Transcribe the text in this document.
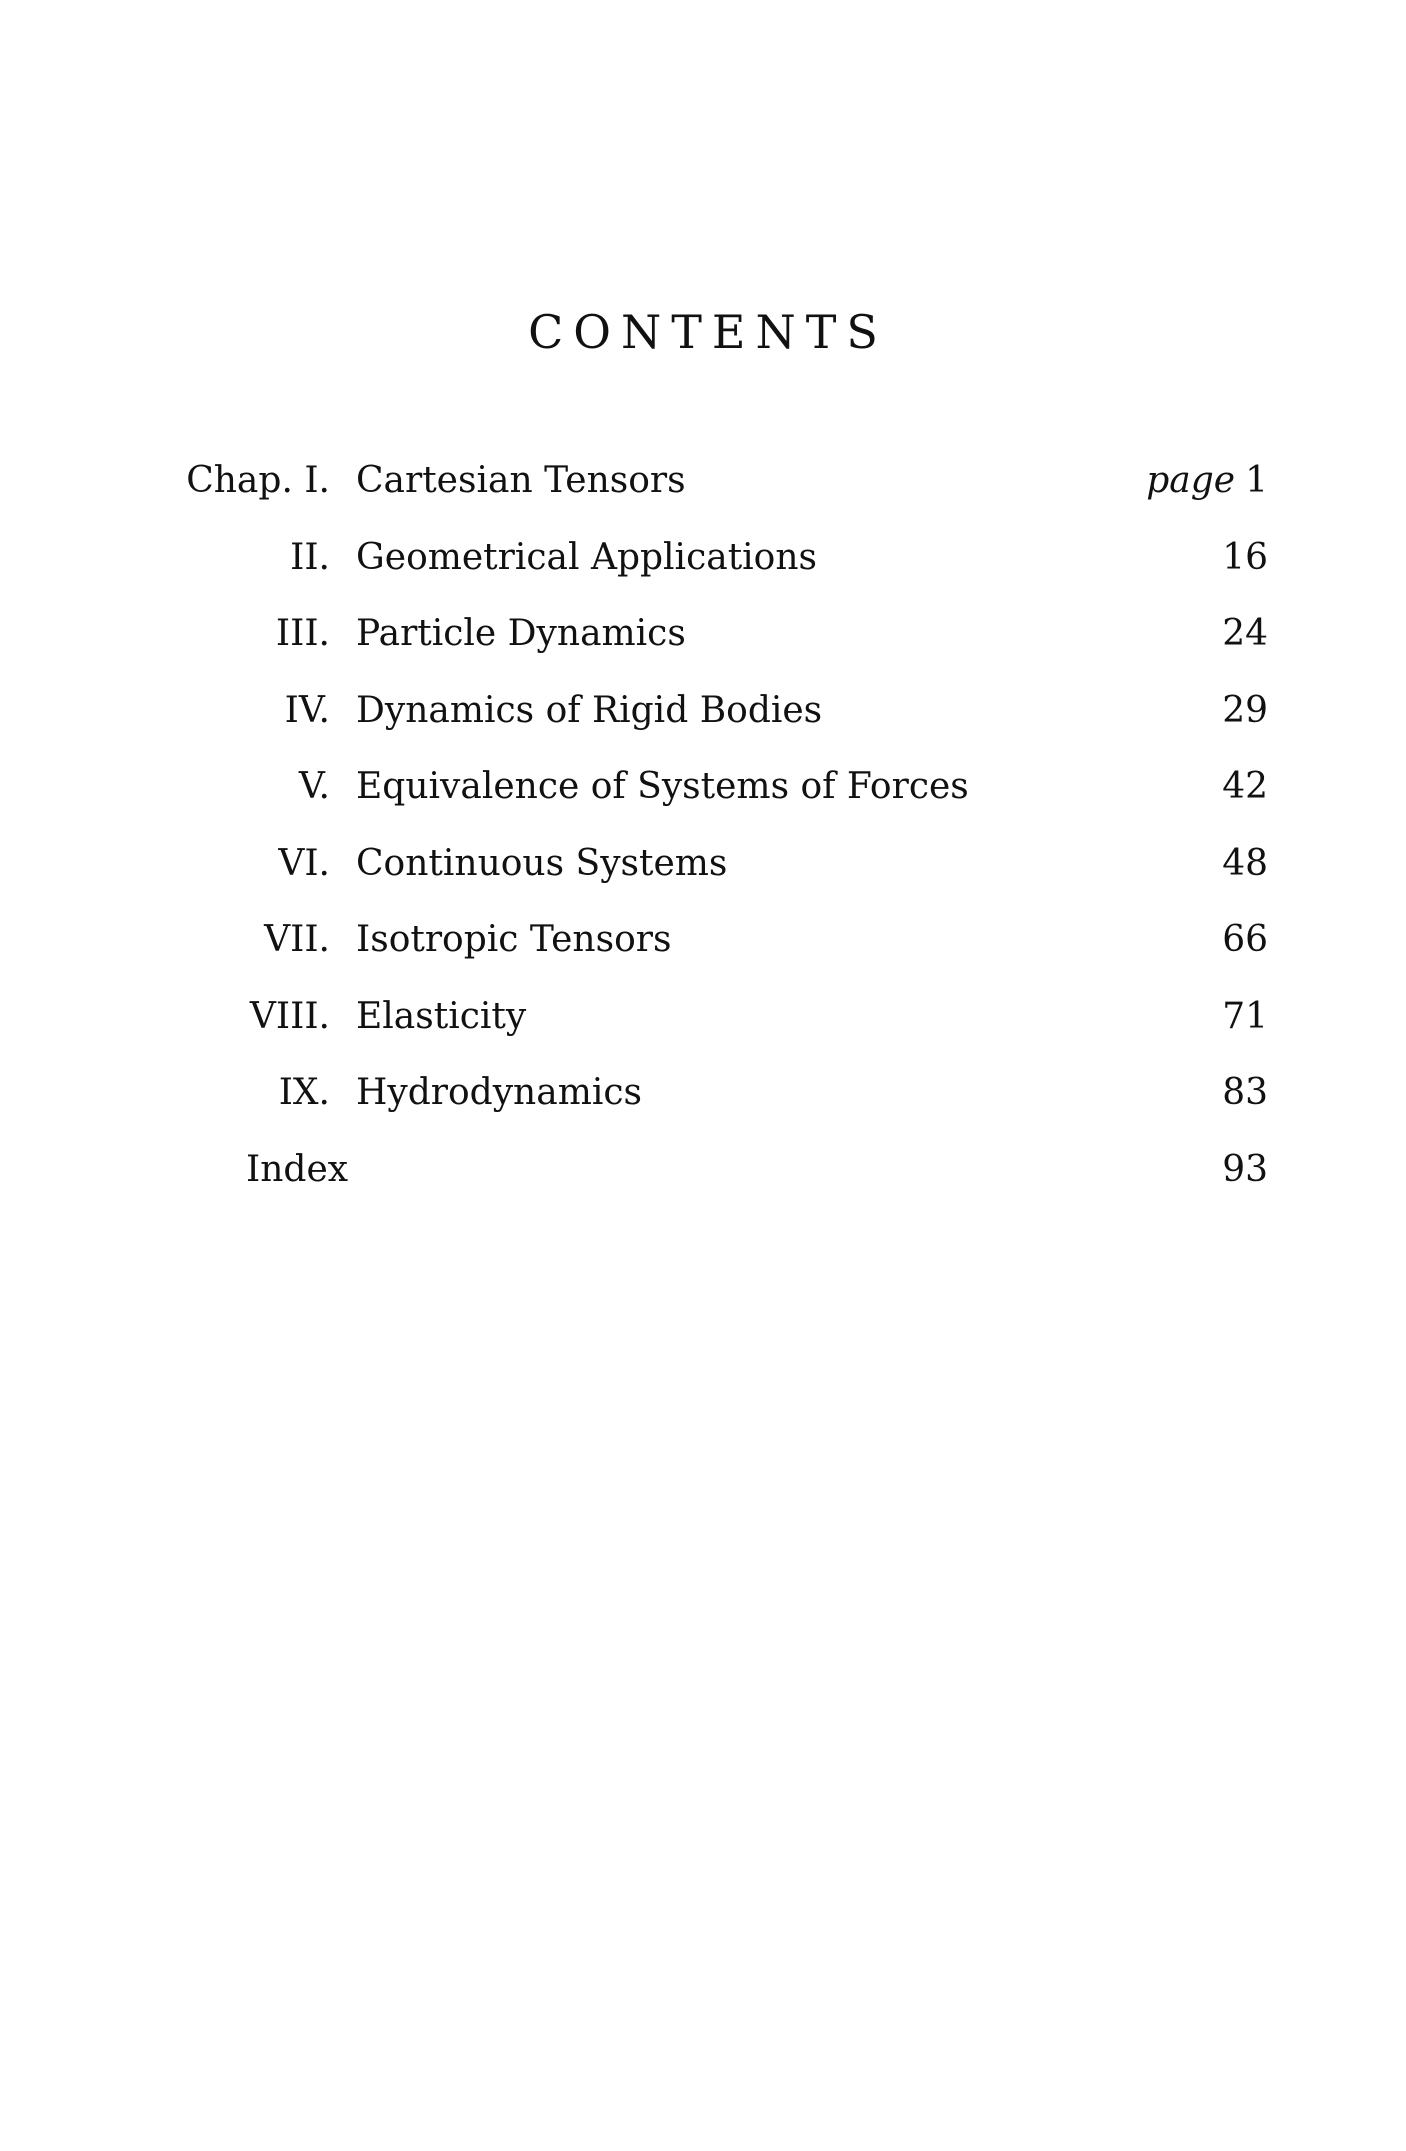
CONTENTS
Chap. I. Cartesian Tensors	page 1
II. Geometrical Applications	16
III. Particle Dynamics	24
IV. Dynamics of Rigid Bodies	29
V. Equivalence of Systems of Forces	42
VI. Continuous Systems	48
VII. Isotropic Tensors	66
VIII. Elasticity	71
IX. Hydrodynamics	83
Index	93
